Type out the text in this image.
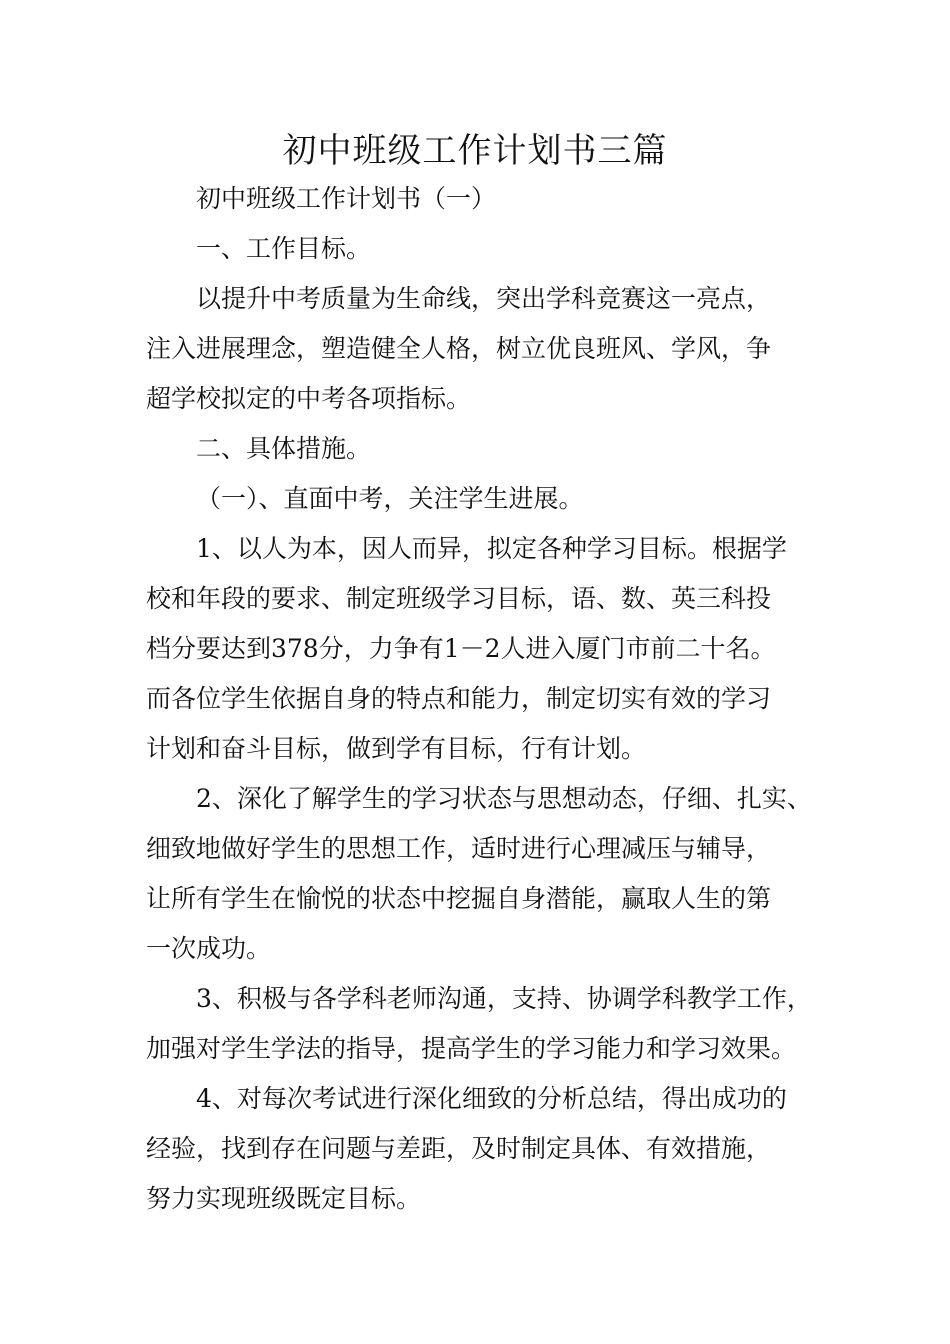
初中班级工作计划书三篇

初中班级工作计划书（一）

一、工作目标。

以提升中考质量为生命线，突出学科竞赛这一亮点，

注入进展理念，塑造健全人格，树立优良班风、学风，争

超学校拟定的中考各项指标。

二、具体措施。

（一）、直面中考，关注学生进展。

1、以人为本，因人而异，拟定各种学习目标。根据学

校和年段的要求、制定班级学习目标，语、数、英三科投

档分要达到378分，力争有1－2人进入厦门市前二十名。

而各位学生依据自身的特点和能力，制定切实有效的学习

计划和奋斗目标，做到学有目标，行有计划。

2、深化了解学生的学习状态与思想动态，仔细、扎实、

细致地做好学生的思想工作，适时进行心理减压与辅导，

让所有学生在愉悦的状态中挖掘自身潜能，赢取人生的第

一次成功。

3、积极与各学科老师沟通，支持、协调学科教学工作，

加强对学生学法的指导，提高学生的学习能力和学习效果。

4、对每次考试进行深化细致的分析总结，得出成功的

经验，找到存在问题与差距，及时制定具体、有效措施，

努力实现班级既定目标。
